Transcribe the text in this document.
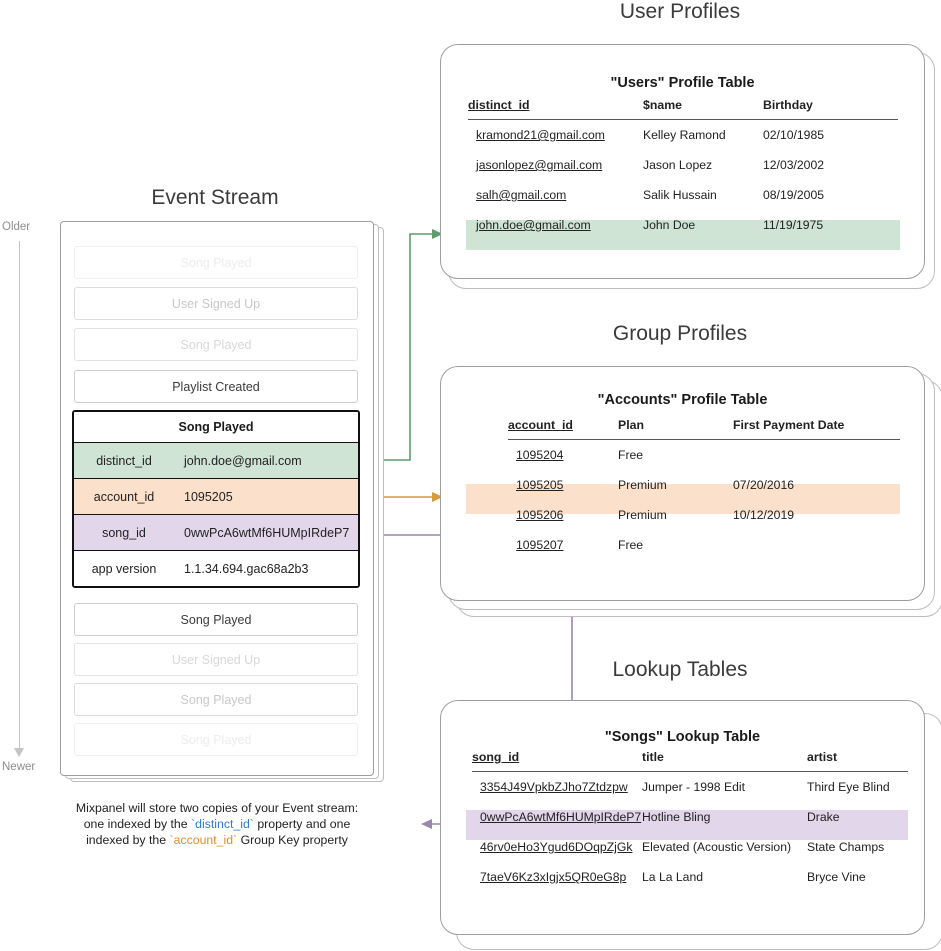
User Profiles
Group Profiles
Lookup Tables
Event Stream
Older
Newer
Song Played
User Signed Up
Song Played
Playlist Created
Song Played
distinct_id	john.doe@gmail.com
account_id	1095205
song_id	0wwPcA6wtMf6HUMpIRdeP7
app version	1.1.34.694.gac68a2b3
Song Played
User Signed Up
Song Played
Song Played
Mixpanel will store two copies of your Event stream:
one indexed by the `distinct_id` property and one
indexed by the `account_id` Group Key property
"Users" Profile Table
distinct_id	$name	Birthday
kramond21@gmail.com	Kelley Ramond	02/10/1985
jasonlopez@gmail.com	Jason Lopez	12/03/2002
salh@gmail.com	Salik Hussain	08/19/2005
john.doe@gmail.com	John Doe	11/19/1975
"Accounts" Profile Table
account_id	Plan	First Payment Date
1095204	Free	
1095205	Premium	07/20/2016
1095206	Premium	10/12/2019
1095207	Free	
"Songs" Lookup Table
song_id	title	artist
3354J49VpkbZJho7Ztdzpw	Jumper - 1998 Edit	Third Eye Blind
0wwPcA6wtMf6HUMpIRdeP7	Hotline Bling	Drake
46rv0eHo3Ygud6DOqpZjGk	Elevated (Acoustic Version)	State Champs
7taeV6Kz3xIgjx5QR0eG8p	La La Land	Bryce Vine
